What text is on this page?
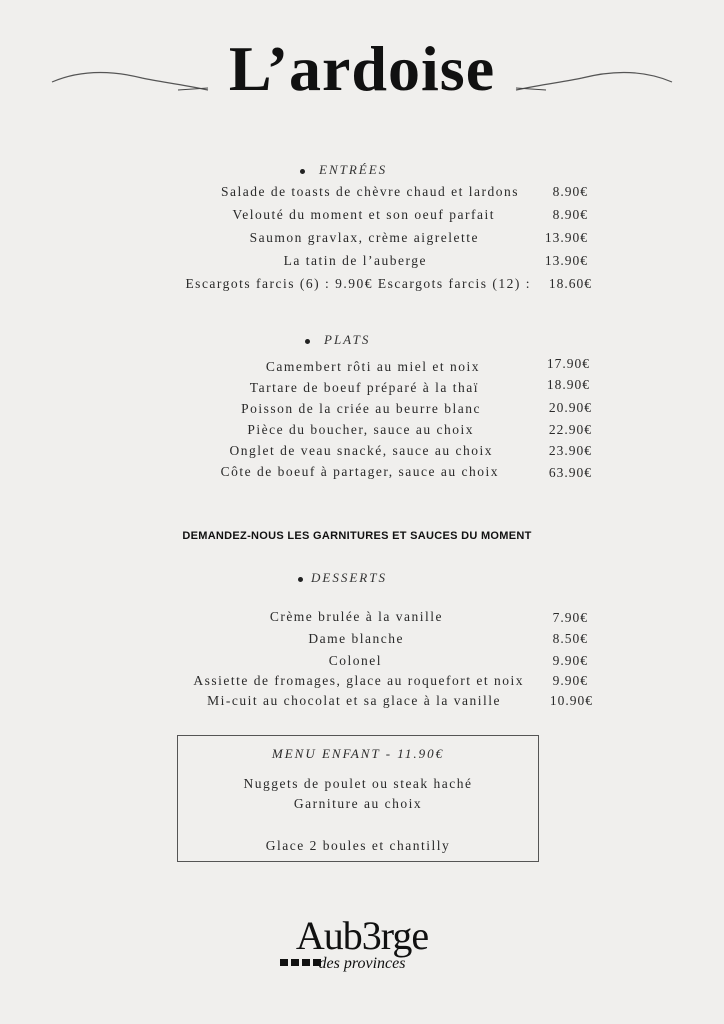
L’ardoise
ENTRÉES
Salade de toasts de chèvre chaud et lardons	8.90€
Velouté du moment et son oeuf parfait	8.90€
Saumon gravlax, crème aigrelette	13.90€
La tatin de l’auberge	13.90€
Escargots farcis (6) : 9.90€ Escargots farcis (12) :	18.60€
PLATS
Camembert rôti au miel et noix	17.90€
Tartare de boeuf préparé à la thaï	18.90€
Poisson de la criée au beurre blanc	20.90€
Pièce du boucher, sauce au choix	22.90€
Onglet de veau snacké, sauce au choix	23.90€
Côte de boeuf à partager, sauce au choix	63.90€
DEMANDEZ-NOUS LES GARNITURES ET SAUCES DU MOMENT
DESSERTS
Crème brulée à la vanille	7.90€
Dame blanche	8.50€
Colonel	9.90€
Assiette de fromages, glace au roquefort et noix	9.90€
Mi-cuit au chocolat et sa glace à la vanille	10.90€
MENU ENFANT - 11.90€
Nuggets de poulet ou steak haché
Garniture au choix
Glace 2 boules et chantilly
Aub3rge
des provinces
